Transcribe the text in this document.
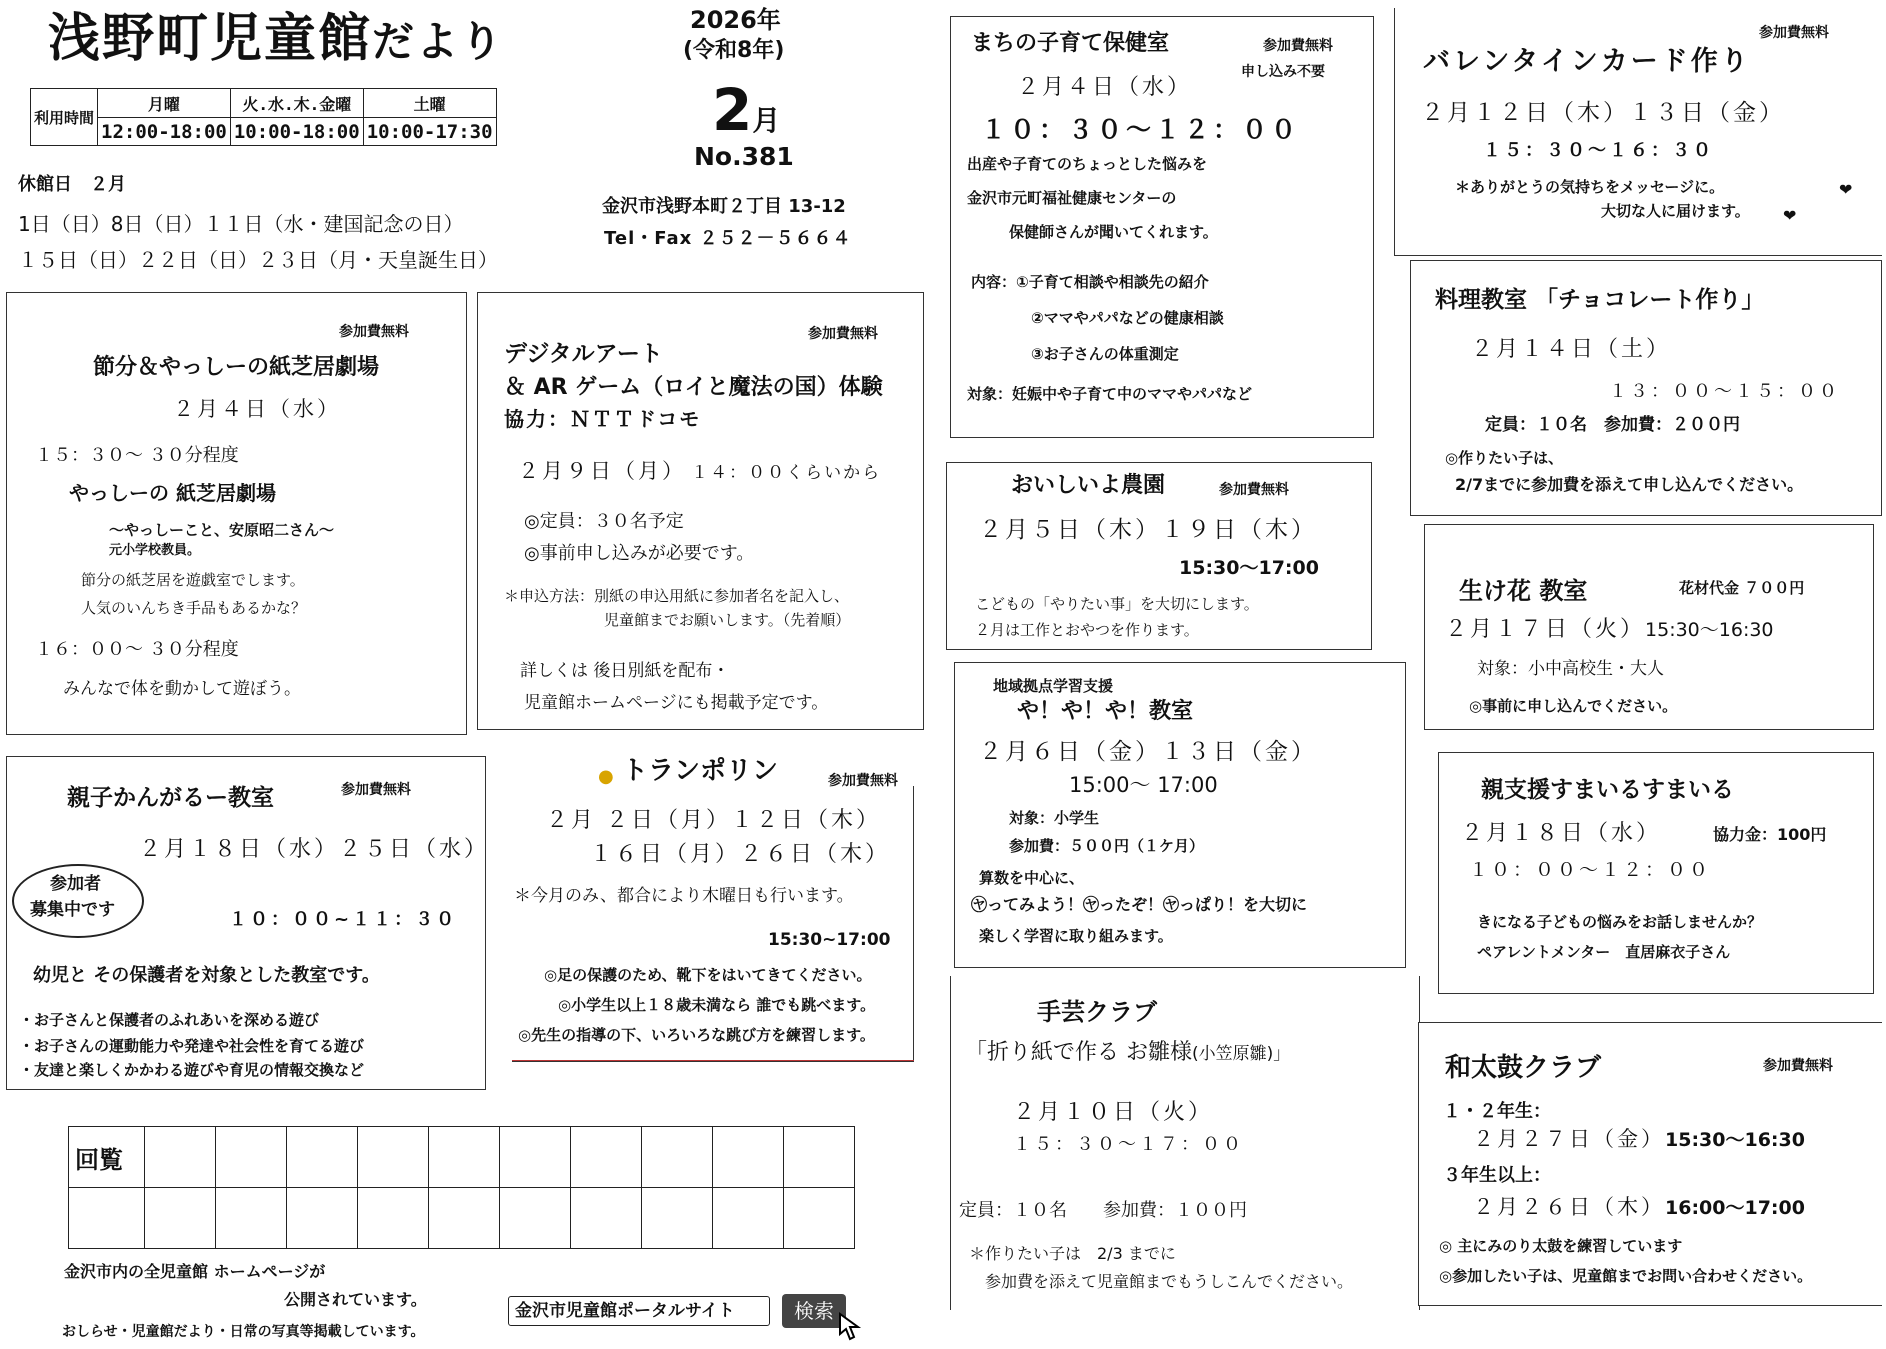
浅野町児童館だより	2026年
(令和8年)
2月
No.381
金沢市浅野本町２丁目 13-12
Tel・Fax ２５２－５６６４
利用時間	月曜	火.水.木.金曜	土曜
	12:00-18:00	10:00-18:00	10:00-17:30
休館日　２月
1日（日）8日（日）１１日（水・建国記念の日）
１５日（日）２２日（日）２３日（月・天皇誕生日）
参加費無料
節分＆やっしーの紙芝居劇場
２月４日（水）
１５：３０～ ３０分程度
やっしーの 紙芝居劇場
～やっしーこと、安原昭二さん～
元小学校教員。
節分の紙芝居を遊戯室でします。
人気のいんちき手品もあるかな？
１６：００～ ３０分程度
みんなで体を動かして遊ぼう。
参加費無料
デジタルアート
＆ AR ゲーム（ロイと魔法の国）体験
協力：ＮＴＴドコモ
２月９日（月） １４：００くらいから
◎定員：３０名予定
◎事前申し込みが必要です。
＊申込方法：別紙の申込用紙に参加者名を記入し、
児童館までお願いします。（先着順）
詳しくは 後日別紙を配布・
児童館ホームページにも掲載予定です。
まちの子育て保健室	参加費無料
申し込み不要
２月４日（水）
１０：３０～１２：００
出産や子育てのちょっとした悩みを
金沢市元町福祉健康センターの
保健師さんが聞いてくれます。
内容：①子育て相談や相談先の紹介
②ママやパパなどの健康相談
③お子さんの体重測定
対象：妊娠中や子育て中のママやパパなど
おいしいよ農園	参加費無料
２月５日（木）１９日（木）
15:30～17:00
こどもの「やりたい事」を大切にします。
２月は工作とおやつを作ります。
地域拠点学習支援
や！や！や！教室
２月６日（金）１３日（金）
15:00～ 17:00
対象：小学生
参加費：５００円（１ケ月）
算数を中心に、
㋳ってみよう！㋳ったぞ！㋳っぱり！を大切に
楽しく学習に取り組みます。
参加費無料
バレンタインカード作り
２月１２日（木）１３日（金）
１５：３０～１６：３０
＊ありがとうの気持ちをメッセージに。
大切な人に届けます。
❤
❤
料理教室 「チョコレート作り」
２月１４日（土）
１３：００～１５：００
定員：１０名　参加費：２００円
◎作りたい子は、
2/7までに参加費を添えて申し込んでください。
生け花 教室	花材代金 ７００円
２月１７日（火）15:30～16:30
対象：小中高校生・大人
◎事前に申し込んでください。
親支援すまいるすまいる
２月１８日（水）	協力金：100円
１０：００～１２：００
きになる子どもの悩みをお話しませんか？
ペアレントメンター　直居麻衣子さん
親子かんがるー教室	参加費無料
２月１８日（水）２５日（水）
１０：００~１１：３０
幼児と その保護者を対象とした教室です。
・お子さんと保護者のふれあいを深める遊び
・お子さんの運動能力や発達や社会性を育てる遊び
・友達と楽しくかかわる遊びや育児の情報交換など
参加者
募集中です
● トランポリン	参加費無料
２月 ２日（月）１２日（木）
１６日（月）２６日（木）
＊今月のみ、都合により木曜日も行います。
15:30~17:00
◎足の保護のため、靴下をはいてきてください。
◎小学生以上１８歳未満なら 誰でも跳べます。
◎先生の指導の下、いろいろな跳び方を練習します。
手芸クラブ
「折り紙で作る お雛様(小笠原雛)」
２月１０日（火）
１５：３０～１７：００
定員：１０名　　参加費：１００円
＊作りたい子は　2/3 までに
参加費を添えて児童館までもうしこんでください。
和太鼓クラブ	参加費無料
１・２年生：
２月２７日（金）15:30～16:30
３年生以上：
２月２６日（木）16:00～17:00
◎ 主にみのり太鼓を練習しています
◎参加したい子は、児童館までお問い合わせください。
回覧										

金沢市内の全児童館 ホームページが
公開されています。
おしらせ・児童館だより・日常の写真等掲載しています。
金沢市児童館ポータルサイト	検索
